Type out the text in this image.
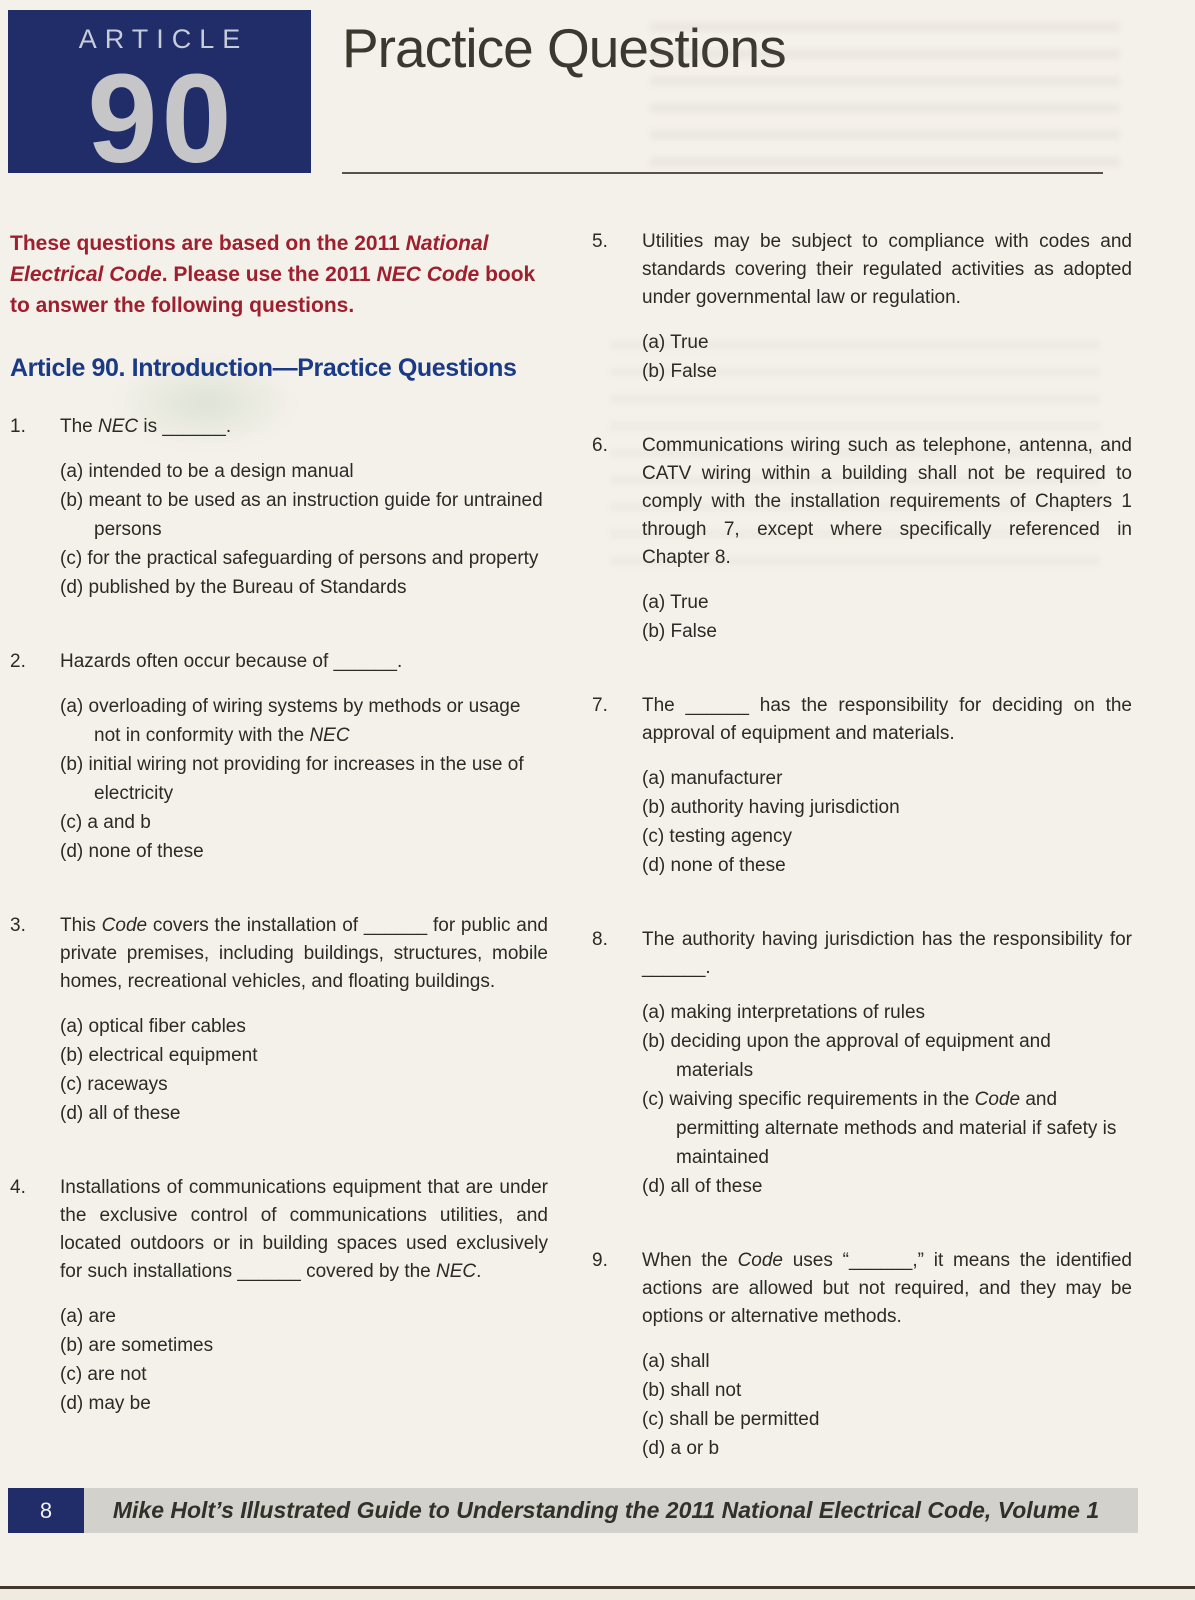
ARTICLE
90	Practice Questions

These questions are based on the 2011 National Electrical Code. Please use the 2011 NEC Code book to answer the following questions.

Article 90. Introduction—Practice Questions
1.	The NEC is ______.

(a) intended to be a design manual
(b) meant to be used as an instruction guide for untrained persons
(c) for the practical safeguarding of persons and property
(d) published by the Bureau of Standards
2.	Hazards often occur because of ______.

(a) overloading of wiring systems by methods or usage not in conformity with the NEC
(b) initial wiring not providing for increases in the use of electricity
(c) a and b
(d) none of these
3.	This Code covers the installation of ______ for public and private premises, including buildings, structures, mobile homes, recreational vehicles, and floating buildings.

(a) optical fiber cables
(b) electrical equipment
(c) raceways
(d) all of these
4.	Installations of communications equipment that are under the exclusive control of communications utilities, and located outdoors or in building spaces used exclusively for such installations ______ covered by the NEC.

(a) are
(b) are sometimes
(c) are not
(d) may be
5.	Utilities may be subject to compliance with codes and standards covering their regulated activities as adopted under governmental law or regulation.

(a) True
(b) False
6.	Communications wiring such as telephone, antenna, and CATV wiring within a building shall not be required to comply with the installation requirements of Chapters 1 through 7, except where specifically referenced in Chapter 8.

(a) True
(b) False
7.	The ______ has the responsibility for deciding on the approval of equipment and materials.

(a) manufacturer
(b) authority having jurisdiction
(c) testing agency
(d) none of these
8.	The authority having jurisdiction has the responsibility for ______.

(a) making interpretations of rules
(b) deciding upon the approval of equipment and materials
(c) waiving specific requirements in the Code and permitting alternate methods and material if safety is maintained
(d) all of these
9.	When the Code uses “______,” it means the identified actions are allowed but not required, and they may be options or alternative methods.

(a) shall
(b) shall not
(c) shall be permitted
(d) a or b
8	Mike Holt’s Illustrated Guide to Understanding the 2011 National Electrical Code, Volume 1
